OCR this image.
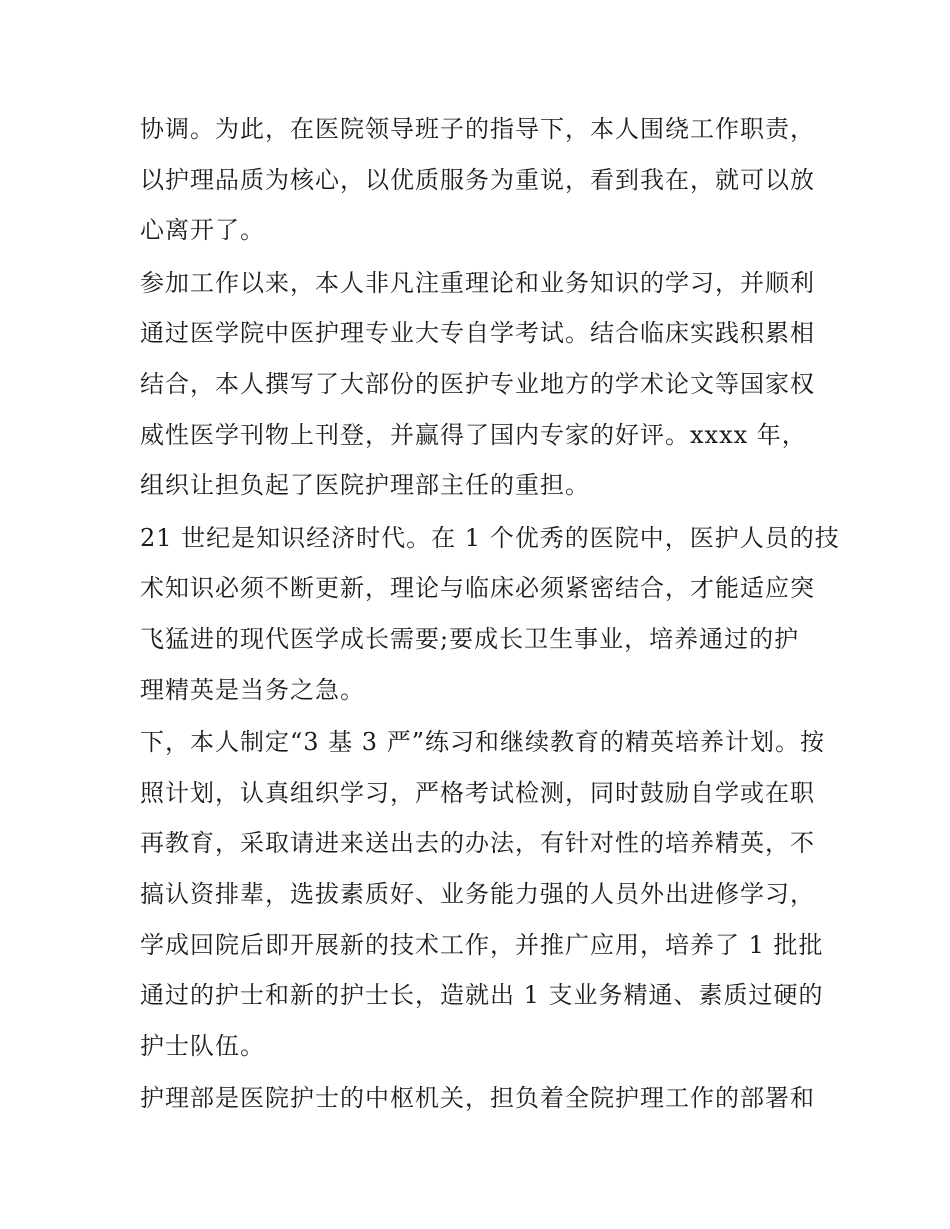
协调。为此，在医院领导班子的指导下，本人围绕工作职责，
以护理品质为核心，以优质服务为重说，看到我在，就可以放
心离开了。

参加工作以来，本人非凡注重理论和业务知识的学习，并顺利
通过医学院中医护理专业大专自学考试。结合临床实践积累相
结合，本人撰写了大部份的医护专业地方的学术论文等国家权
威性医学刊物上刊登，并赢得了国内专家的好评。xxxx 年，
组织让担负起了医院护理部主任的重担。

21 世纪是知识经济时代。在 1 个优秀的医院中，医护人员的技
术知识必须不断更新，理论与临床必须紧密结合，才能适应突
飞猛进的现代医学成长需要;要成长卫生事业，培养通过的护
理精英是当务之急。

下，本人制定“3 基 3 严”练习和继续教育的精英培养计划。按
照计划，认真组织学习，严格考试检测，同时鼓励自学或在职
再教育，采取请进来送出去的办法，有针对性的培养精英，不
搞认资排辈，选拔素质好、业务能力强的人员外出进修学习，
学成回院后即开展新的技术工作，并推广应用，培养了 1 批批
通过的护士和新的护士长，造就出 1 支业务精通、素质过硬的
护士队伍。

护理部是医院护士的中枢机关，担负着全院护理工作的部署和
